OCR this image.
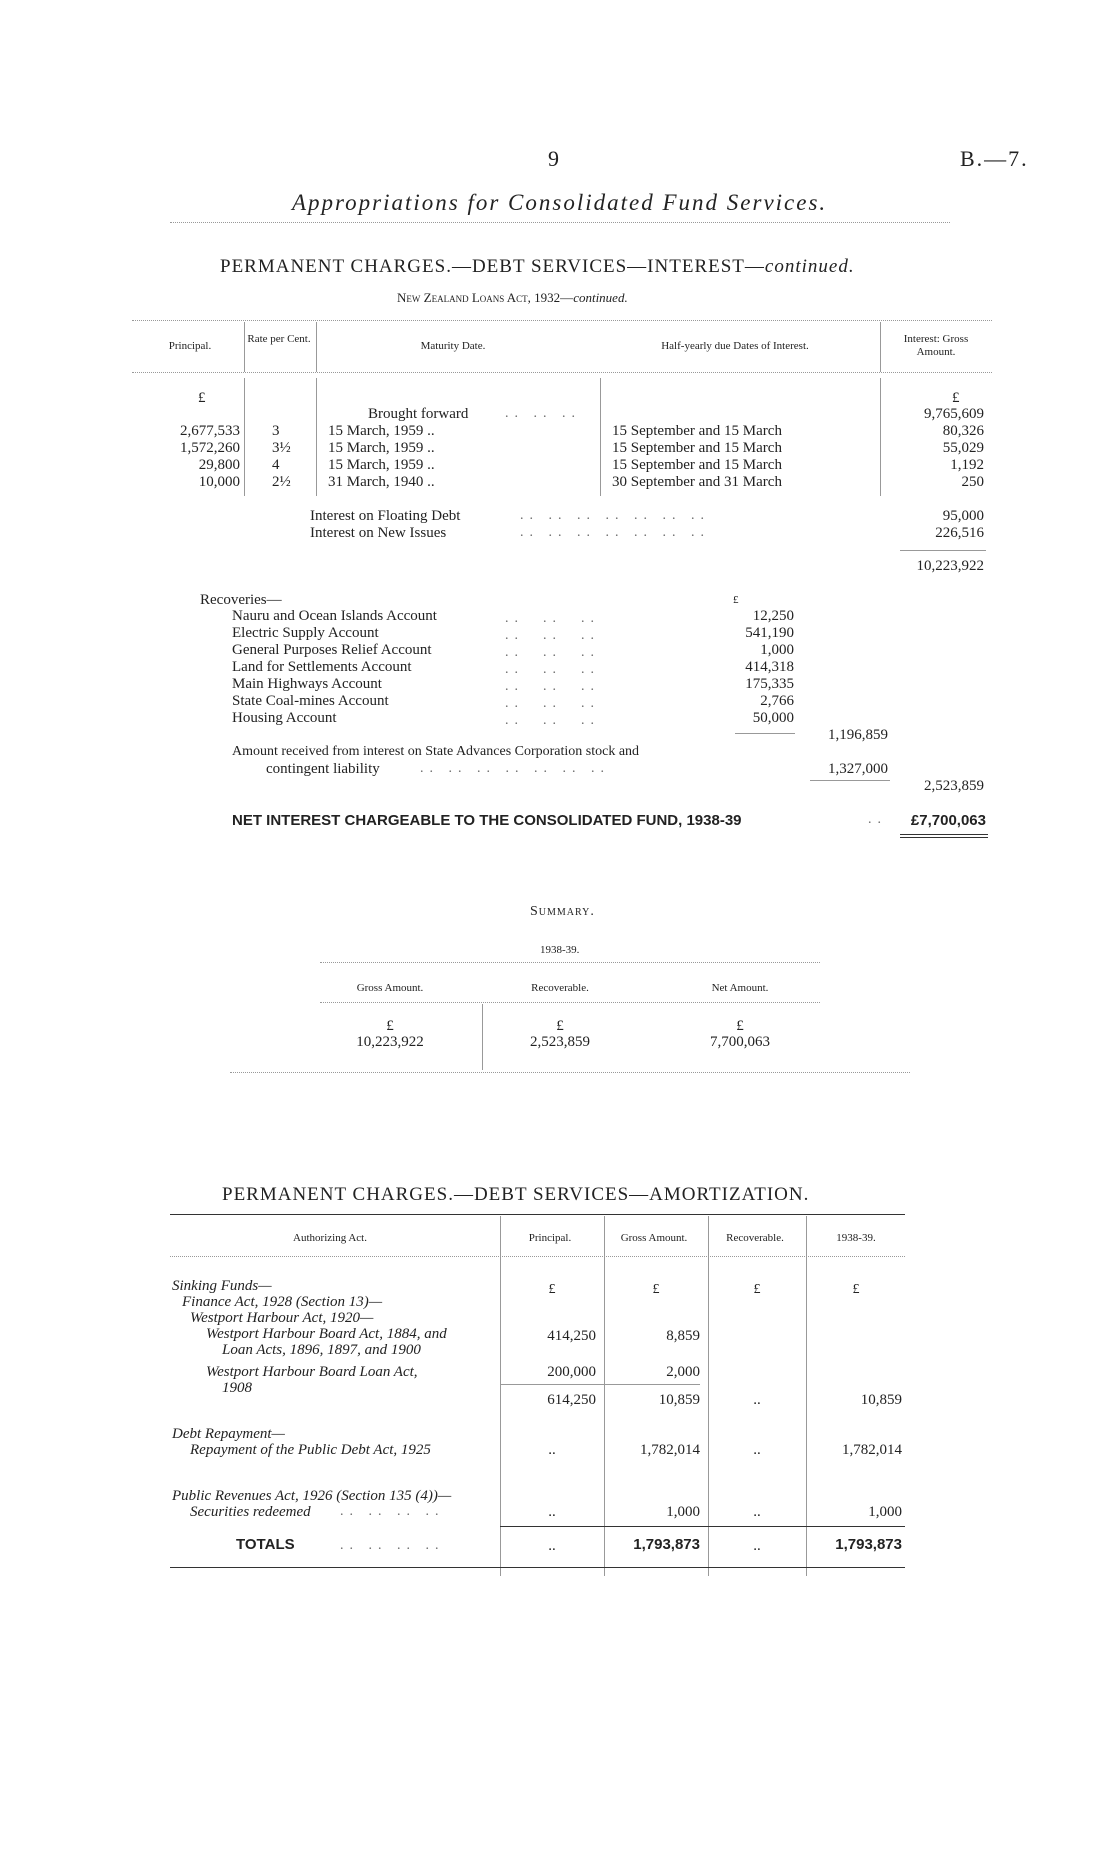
9	B.—7.
Appropriations for Consolidated Fund Services.
PERMANENT CHARGES.—DEBT SERVICES—INTEREST—continued.
New Zealand Loans Act, 1932—continued.
Principal.
Rate per Cent.
Maturity Date.	Half-yearly due Dates of Interest.
Interest: Gross Amount.
£	£
Brought forward	.. .. ..	9,765,609
2,677,533 3	15 March, 1959 ..	15 September and 15 March	80,326
1,572,260 3½ 15 March, 1959 ..	15 September and 15 March	55,029
29,800 4	15 March, 1959 ..	15 September and 15 March	1,192
10,000 2½ 31 March, 1940 ..	30 September and 31 March	250
Interest on Floating Debt	.. .. .. .. .. .. ..	95,000
Interest on New Issues	.. .. .. .. .. .. ..	226,516
10,223,922
Recoveries—	£
Nauru and Ocean Islands Account	12,250
Electric Supply Account	541,190
General Purposes Relief Account	1,000
Land for Settlements Account	414,318
Main Highways Account	175,335
State Coal-mines Account	2,766
Housing Account	50,000
..  ..  ..
..  ..  ..
..  ..  ..
..  ..  ..
..  ..  ..
..  ..  ..
..  ..  ..
1,196,859
Amount received from interest on State Advances Corporation stock and
contingent liability	.. .. .. .. .. .. ..	1,327,000
2,523,859
NET INTEREST CHARGEABLE TO THE CONSOLIDATED FUND, 1938-39	..	£7,700,063
Summary.
1938-39.
Gross Amount.	Recoverable.	Net Amount.
£	£	£
10,223,922	2,523,859	7,700,063
PERMANENT CHARGES.—DEBT SERVICES—AMORTIZATION.
Authorizing Act.	Principal.	Gross Amount.	Recoverable.	1938-39.
Sinking Funds—
Finance Act, 1928 (Section 13)—
Westport Harbour Act, 1920—
£	£	£	£
Westport Harbour Board Act, 1884, and
Loan Acts, 1896, 1897, and 1900
414,250	8,859
Westport Harbour Board Loan Act,
1908
200,000	2,000
614,250	10,859	..	10,859
Debt Repayment—
Repayment of the Public Debt Act, 1925	..	1,782,014	..	1,782,014
Public Revenues Act, 1926 (Section 135 (4))—
Securities redeemed .. .. .. ..	..	1,000	..	1,000
TOTALS	.. .. .. ..	..	1,793,873	..	1,793,873
